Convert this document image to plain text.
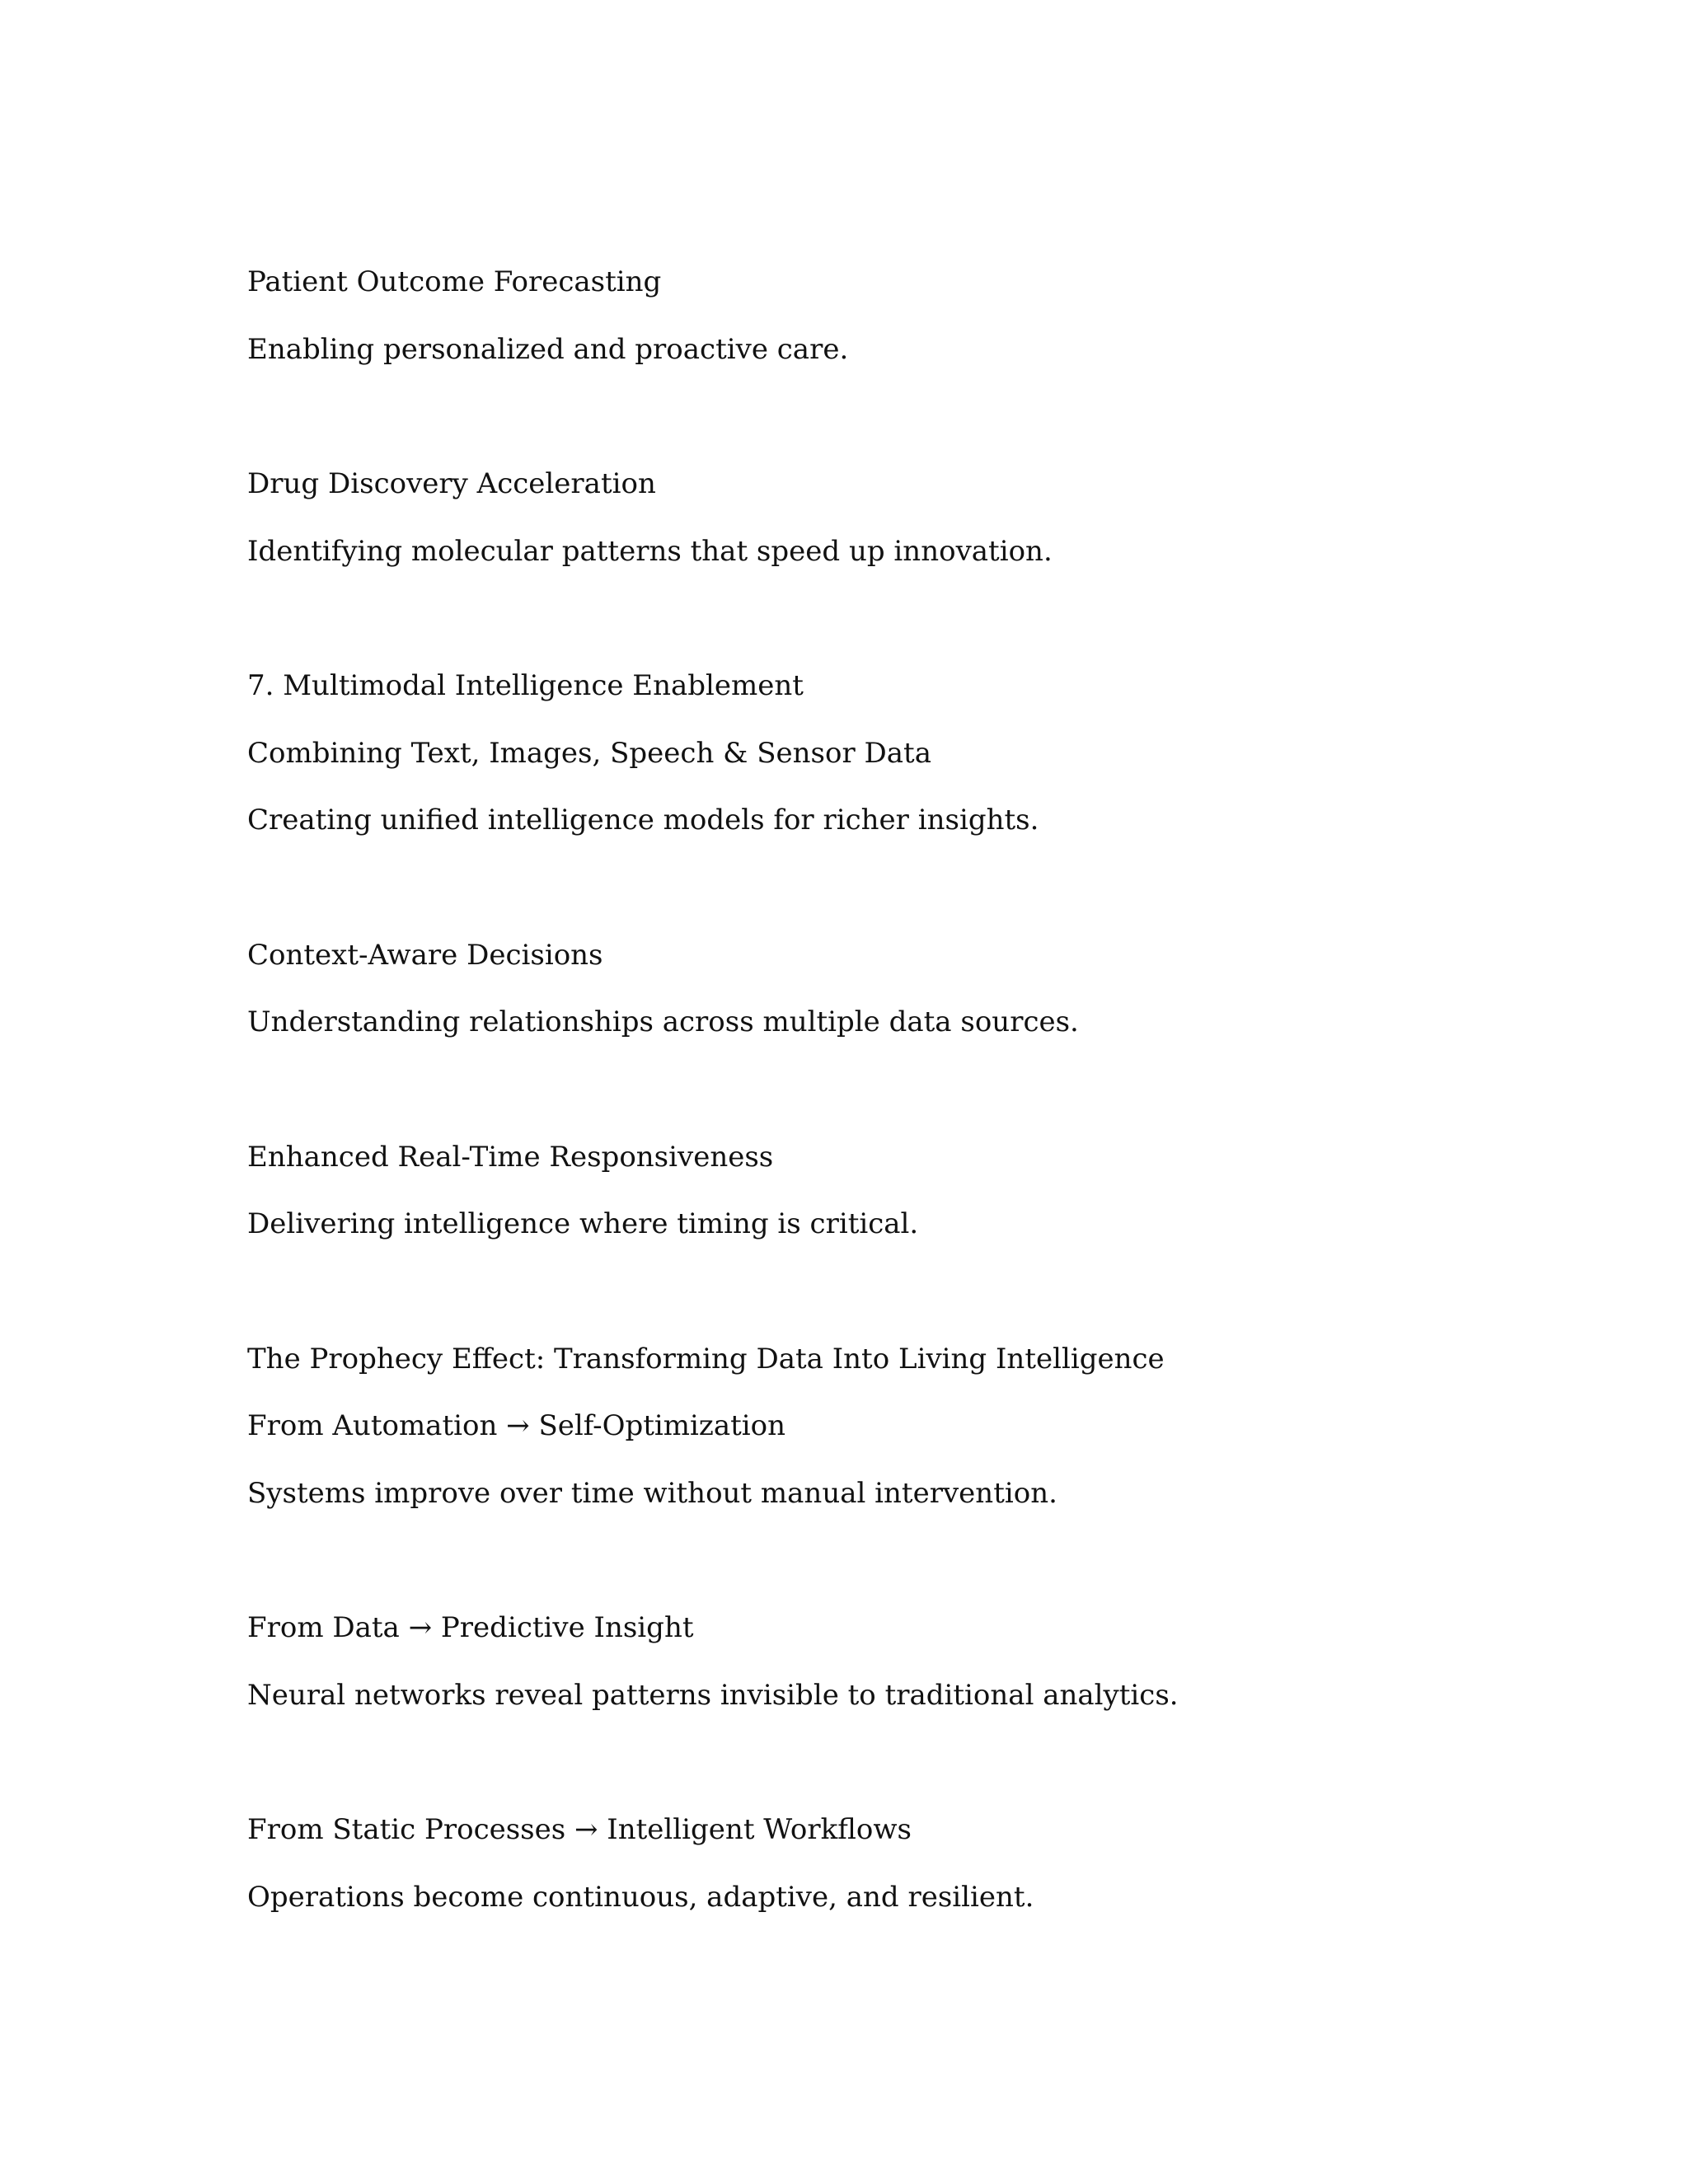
Patient Outcome Forecasting

Enabling personalized and proactive care.

Drug Discovery Acceleration

Identifying molecular patterns that speed up innovation.

7. Multimodal Intelligence Enablement

Combining Text, Images, Speech & Sensor Data

Creating unified intelligence models for richer insights.

Context-Aware Decisions

Understanding relationships across multiple data sources.

Enhanced Real-Time Responsiveness

Delivering intelligence where timing is critical.

The Prophecy Effect: Transforming Data Into Living Intelligence

From Automation → Self-Optimization

Systems improve over time without manual intervention.

From Data → Predictive Insight

Neural networks reveal patterns invisible to traditional analytics.

From Static Processes → Intelligent Workflows

Operations become continuous, adaptive, and resilient.
